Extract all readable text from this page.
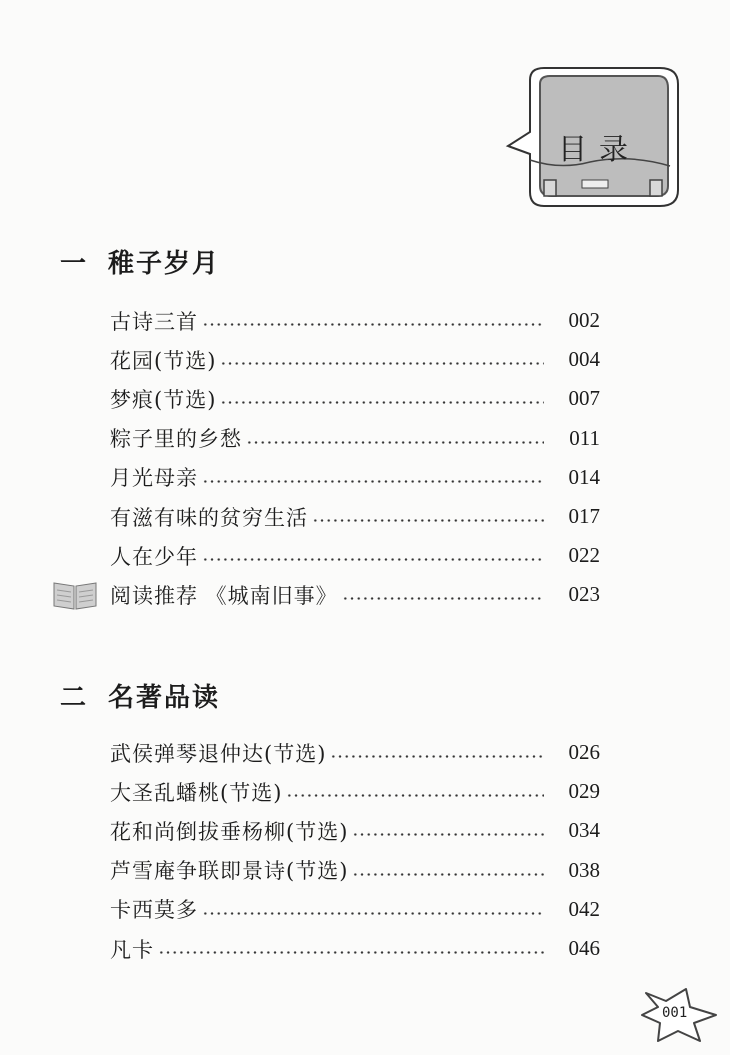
目录
一 稚子岁月
古诗三首	002
花园(节选)	004
梦痕(节选)	007
粽子里的乡愁	011
月光母亲	014
有滋有味的贫穷生活	017
人在少年	022
阅读推荐 《城南旧事》	023
二 名著品读
武侯弹琴退仲达(节选)	026
大圣乱蟠桃(节选)	029
花和尚倒拔垂杨柳(节选)	034
芦雪庵争联即景诗(节选)	038
卡西莫多	042
凡卡	046
001
